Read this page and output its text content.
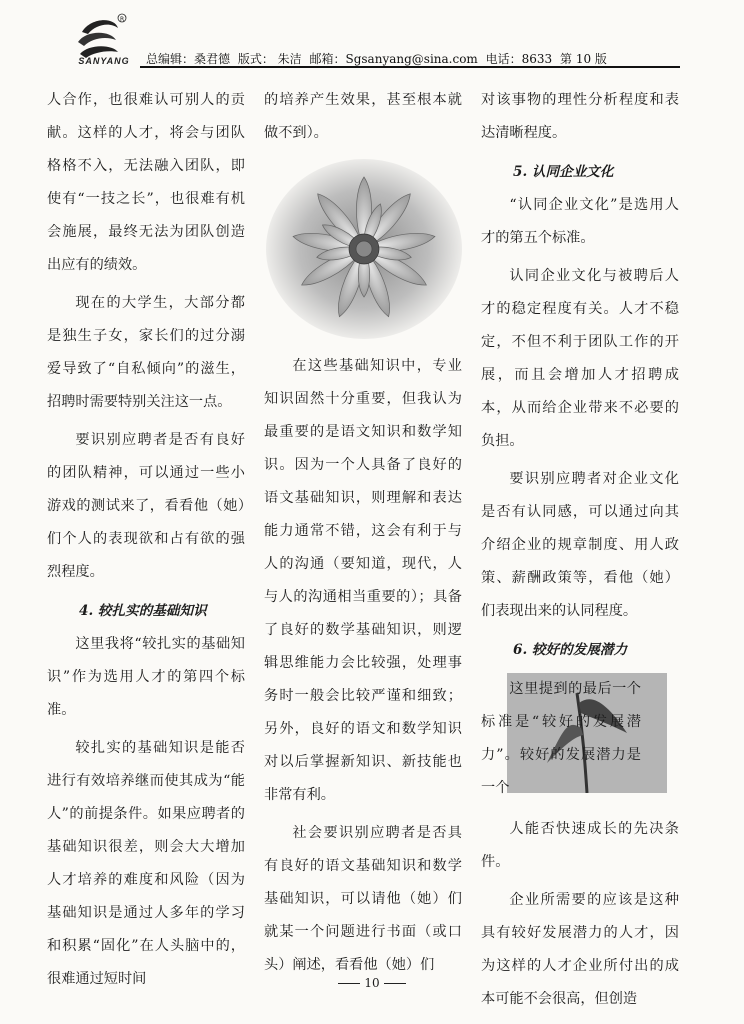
R
SANYANG	总编辑：桑君德 版式： 朱洁 邮箱：Sgsanyang@sina.com 电话：8633 第 10 版

人合作，也很难认可别人的贡献。这样的人才，将会与团队格格不入，无法融入团队，即使有“一技之长”，也很难有机会施展，最终无法为团队创造出应有的绩效。

现在的大学生，大部分都是独生子女，家长们的过分溺爱导致了“自私倾向”的滋生，招聘时需要特别关注这一点。

要识别应聘者是否有良好的团队精神，可以通过一些小游戏的测试来了，看看他（她）们个人的表现欲和占有欲的强烈程度。

4. 较扎实的基础知识

这里我将“较扎实的基础知识”作为选用人才的第四个标准。

较扎实的基础知识是能否进行有效培养继而使其成为“能人”的前提条件。如果应聘者的基础知识很差，则会大大增加人才培养的难度和风险（因为基础知识是通过人多年的学习和积累“固化”在人头脑中的，很难通过短时间

的培养产生效果，甚至根本就做不到）。

在这些基础知识中，专业知识固然十分重要，但我认为最重要的是语文知识和数学知识。因为一个人具备了良好的语文基础知识，则理解和表达能力通常不错，这会有利于与人的沟通（要知道，现代，人与人的沟通相当重要的）；具备了良好的数学基础知识，则逻辑思维能力会比较强，处理事务时一般会比较严谨和细致；另外，良好的语文和数学知识对以后掌握新知识、新技能也非常有利。

社会要识别应聘者是否具有良好的语文基础知识和数学基础知识，可以请他（她）们就某一个问题进行书面（或口头）阐述，看看他（她）们

对该事物的理性分析程度和表达清晰程度。

5. 认同企业文化

“认同企业文化”是选用人才的第五个标准。

认同企业文化与被聘后人才的稳定程度有关。人才不稳定，不但不利于团队工作的开展，而且会增加人才招聘成本，从而给企业带来不必要的负担。

要识别应聘者对企业文化是否有认同感，可以通过向其介绍企业的规章制度、用人政策、薪酬政策等，看他（她）们表现出来的认同程度。

6. 较好的发展潜力

这里提到的最后一个标准是“较好的发展潜力”。较好的发展潜力是一个

人能否快速成长的先决条件。

企业所需要的应该是这种具有较好发展潜力的人才，因为这样的人才企业所付出的成本可能不会很高，但创造

10
